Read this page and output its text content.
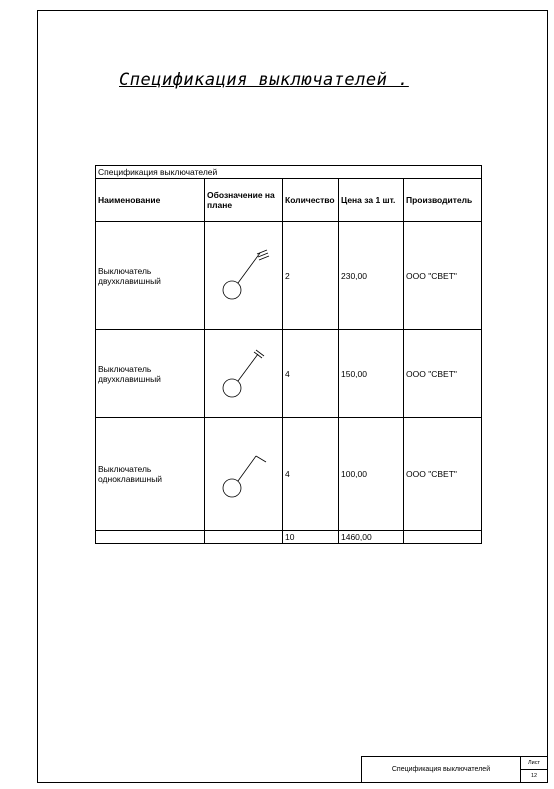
Спецификация выключателей .
Спецификация выключателей				
Наименование	Обозначение на плане	Количество	Цена за 1 шт.	Производитель
Выключатель двухклавишный		2	230,00	ООО "СВЕТ"
Выключатель двухклавишный		4	150,00	ООО "СВЕТ"
Выключатель одноклавишный		4	100,00	ООО "СВЕТ"
		10	1460,00	
Спецификация выключателей
Лист
12
